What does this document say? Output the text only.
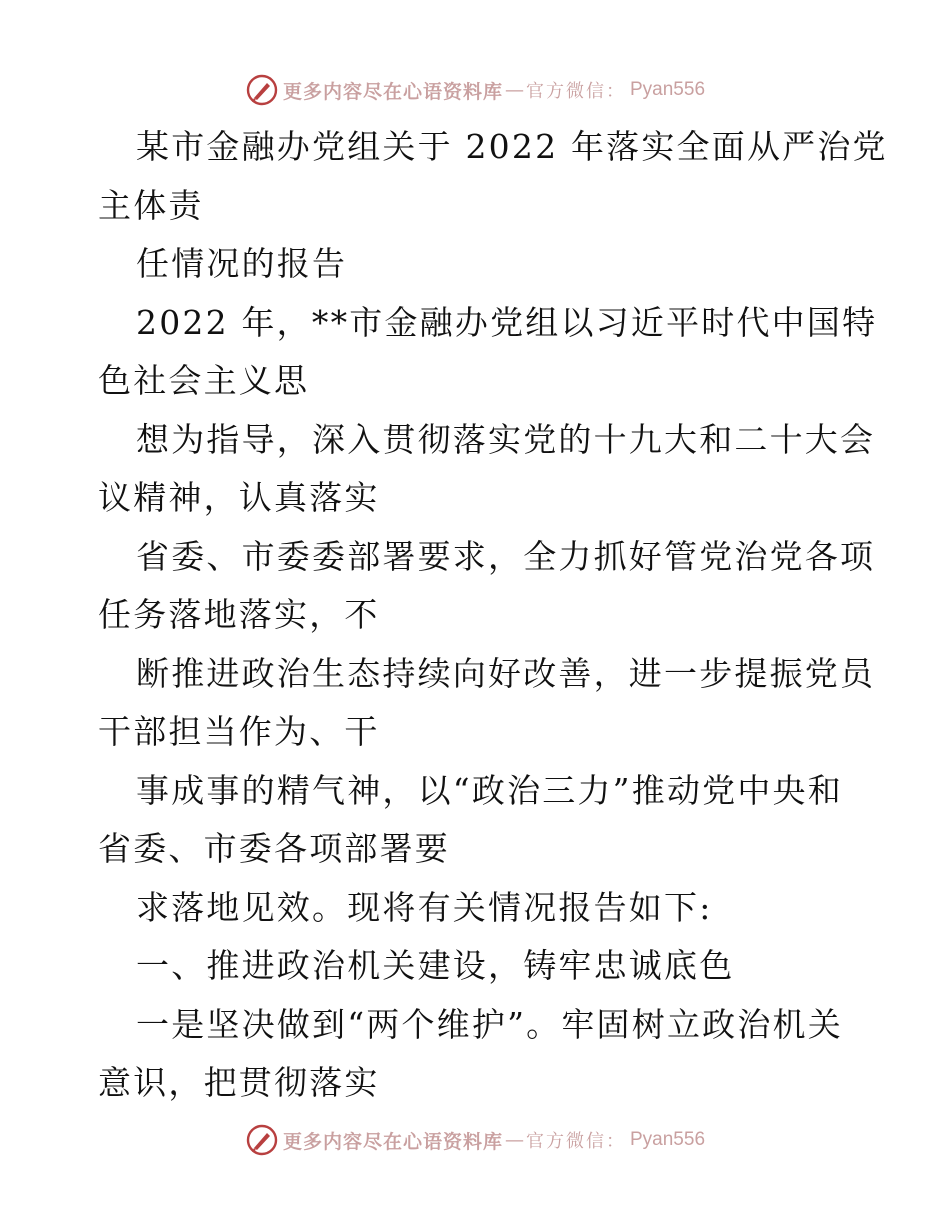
更多内容尽在心语资料库 — 官方微信： Pyan556
某市金融办党组关于 2022 年落实全面从严治党
主体责
任情况的报告
2022 年，**市金融办党组以习近平时代中国特
色社会主义思
想为指导，深入贯彻落实党的十九大和二十大会
议精神，认真落实
省委、市委委部署要求，全力抓好管党治党各项
任务落地落实，不
断推进政治生态持续向好改善，进一步提振党员
干部担当作为、干
事成事的精气神，以“政治三力”推动党中央和
省委、市委各项部署要
求落地见效。现将有关情况报告如下:
一、推进政治机关建设，铸牢忠诚底色
一是坚决做到“两个维护”。牢固树立政治机关
意识，把贯彻落实
更多内容尽在心语资料库 — 官方微信： Pyan556
